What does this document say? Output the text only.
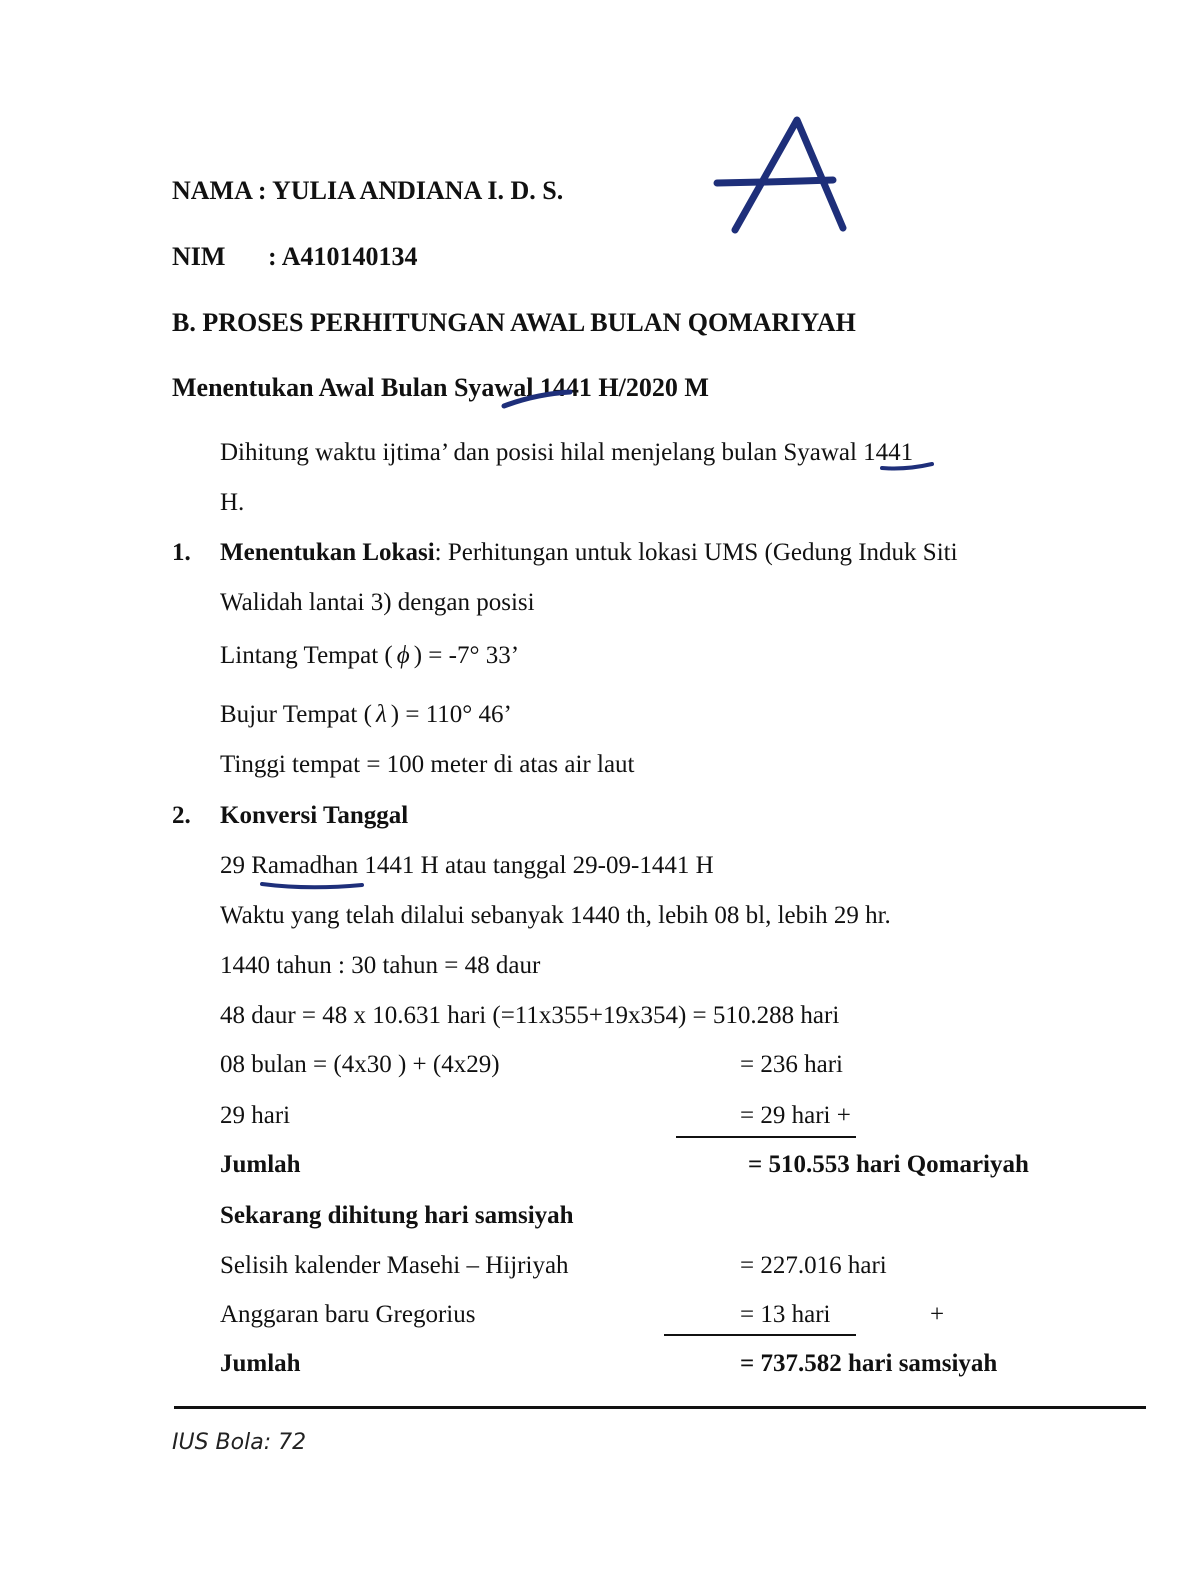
NAMA : YULIA ANDIANA I. D. S.
NIM : A410140134
B. PROSES PERHITUNGAN AWAL BULAN QOMARIYAH
Menentukan Awal Bulan Syawal 1441 H/2020 M
Dihitung waktu ijtima’ dan posisi hilal menjelang bulan Syawal 1441
H.
1. Menentukan Lokasi: Perhitungan untuk lokasi UMS (Gedung Induk Siti
Walidah lantai 3) dengan posisi
Lintang Tempat ( ϕ ) = -7° 33’
Bujur Tempat ( λ ) = 110° 46’
Tinggi tempat = 100 meter di atas air laut
2. Konversi Tanggal
29 Ramadhan 1441 H atau tanggal 29-09-1441 H
Waktu yang telah dilalui sebanyak 1440 th, lebih 08 bl, lebih 29 hr.
1440 tahun : 30 tahun = 48 daur
48 daur = 48 x 10.631 hari (=11x355+19x354) = 510.288 hari
08 bulan = (4x30 ) + (4x29)	= 236 hari
29 hari	= 29 hari +
Jumlah	= 510.553 hari Qomariyah
Sekarang dihitung hari samsiyah
Selisih kalender Masehi – Hijriyah	= 227.016 hari
Anggaran baru Gregorius	= 13 hari	+
Jumlah	= 737.582 hari samsiyah
IUS Bola: 72
